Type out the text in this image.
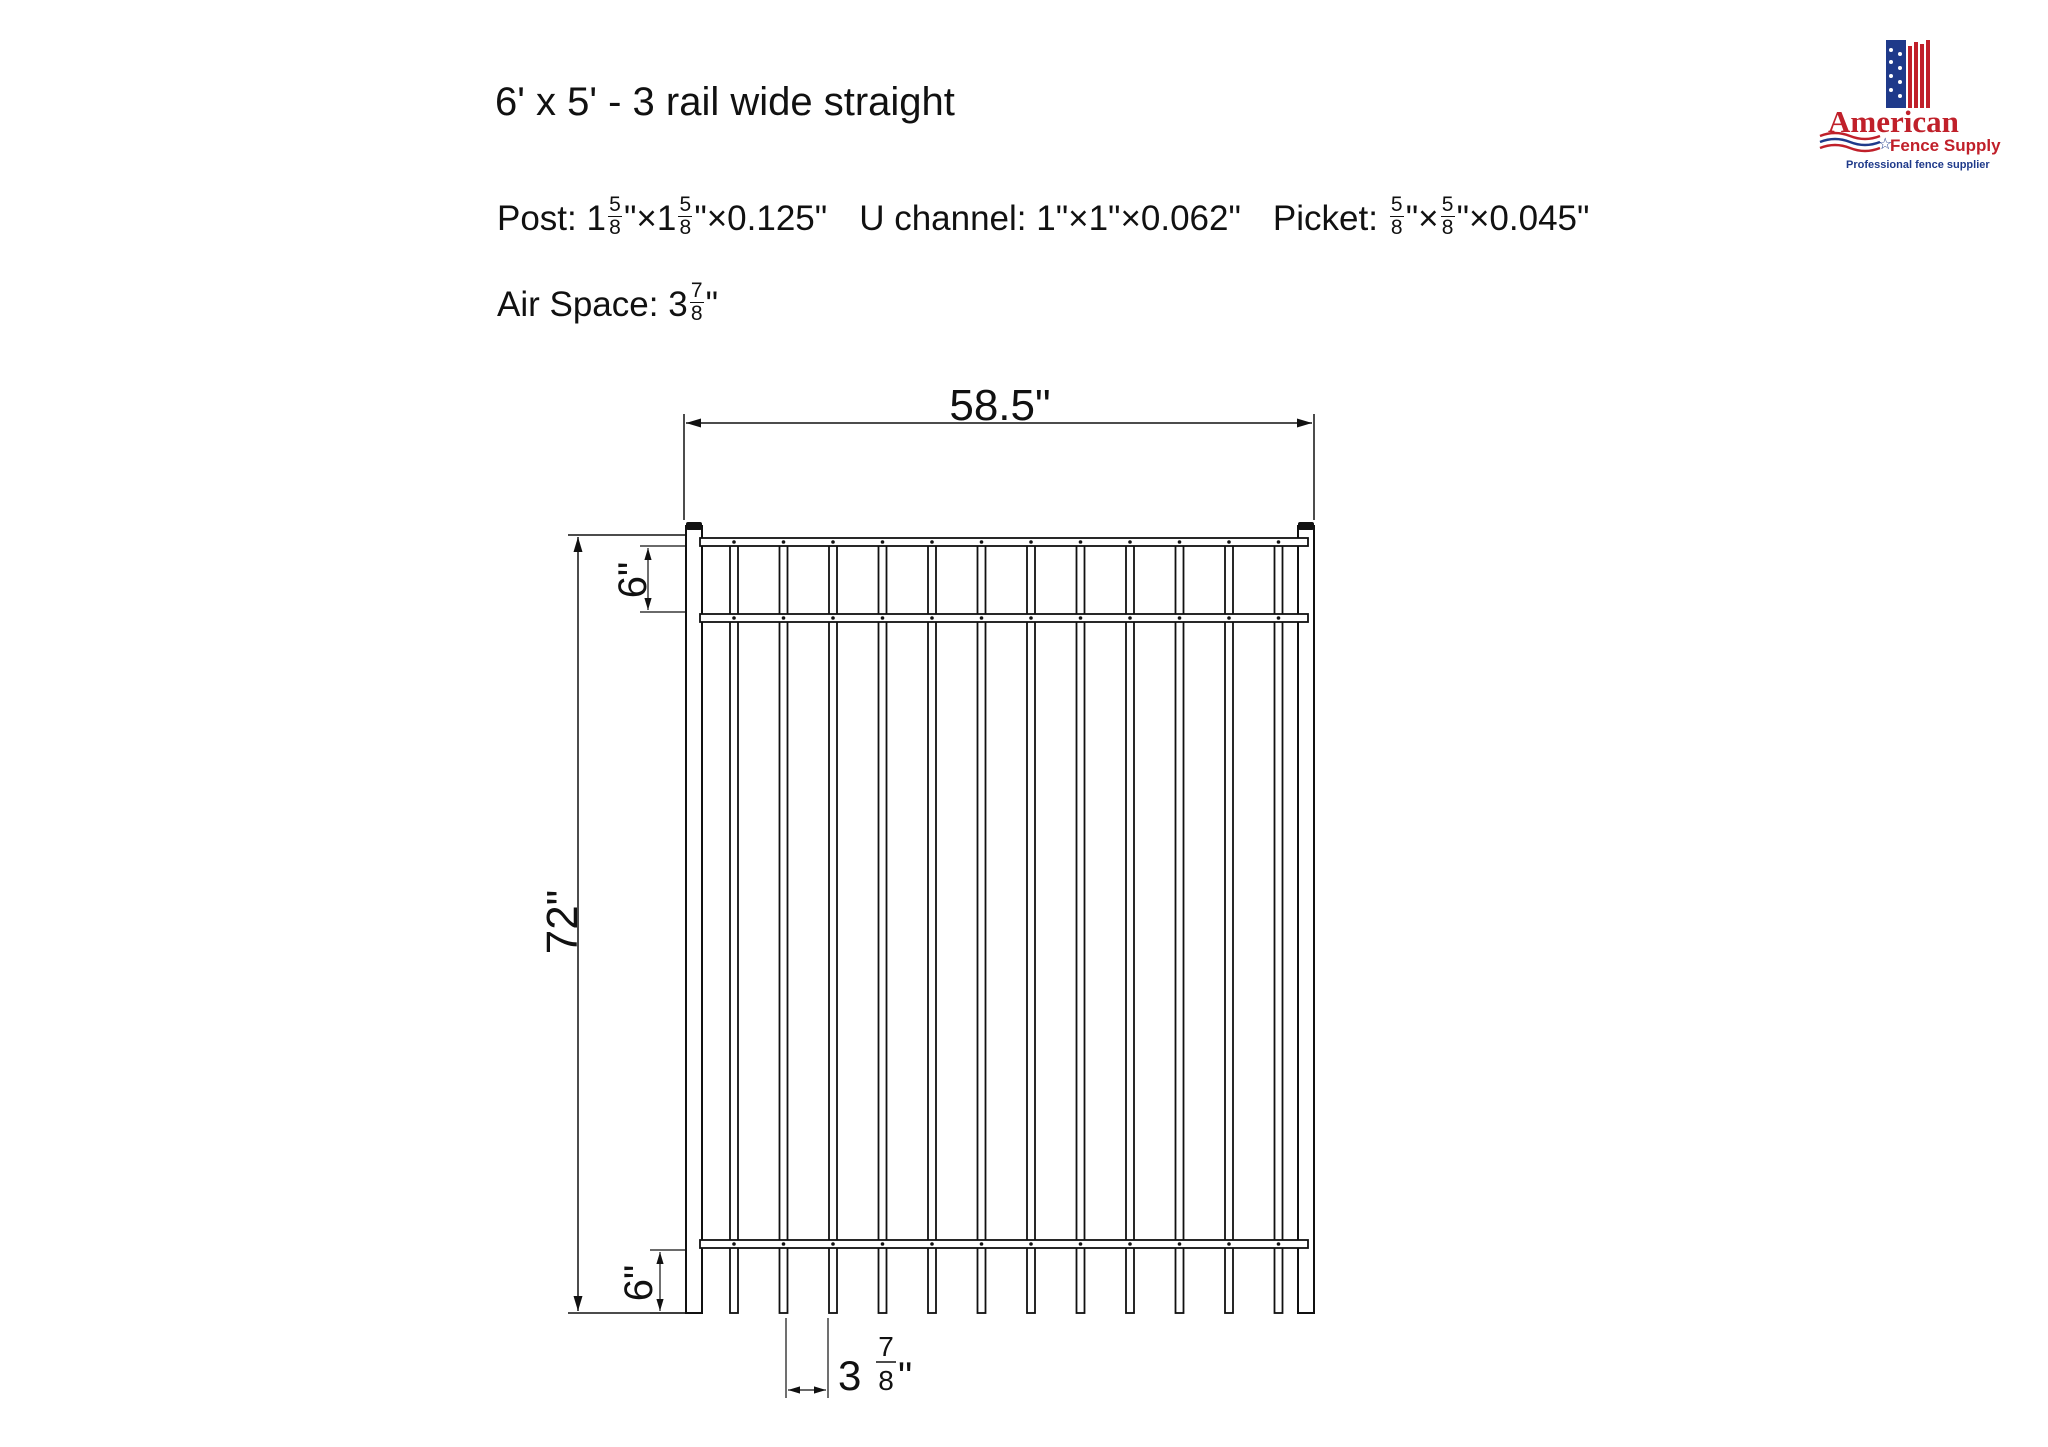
6' x 5' - 3 rail wide straight
Post:
$1 \frac{5}{8}$ "$\times 1 \frac{5}{8}$ "×0.125" U channel: 1"×1"×0.062" Picket:
$\frac{5}{8}$ "× $\frac{5}{8}$ "×0.045"
Air Space: $3 \frac{7}{8}$ "
☆
American
Fence Supply
Professional fence supplier
58.5"
72"
6"
6"
3
7
8 "
